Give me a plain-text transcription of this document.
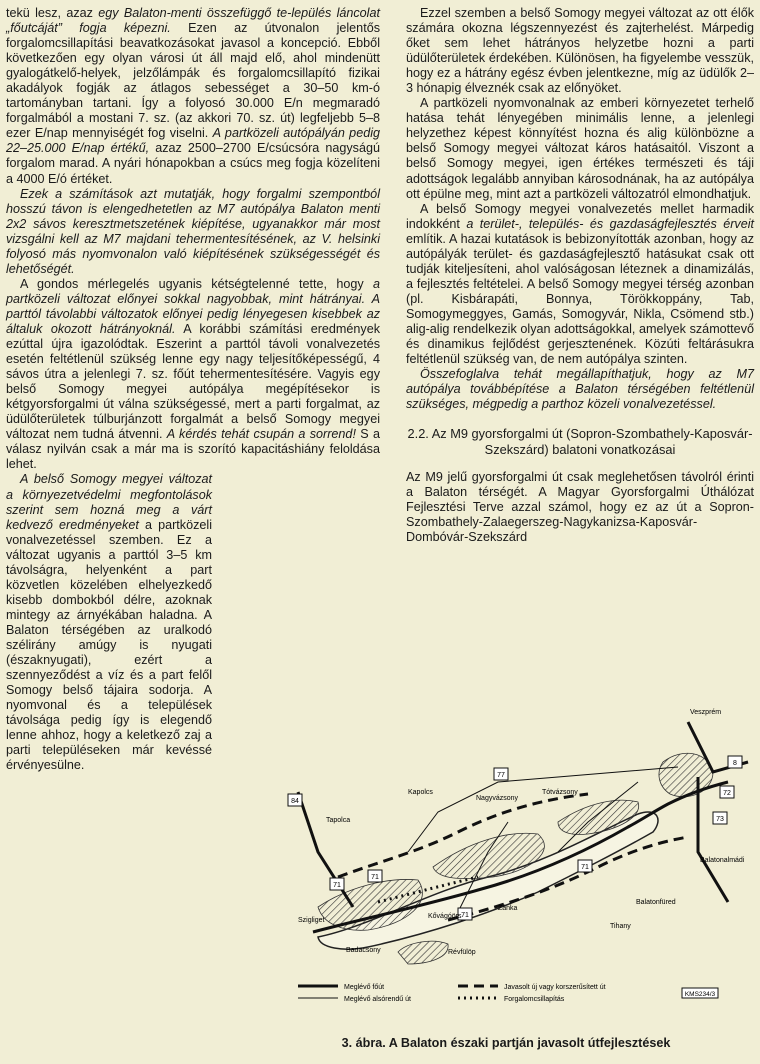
tekü lesz, azaz egy Balaton-menti összefüggő te-lepülés láncolat „főutcáját” fogja képezni. Ezen az útvonalon jelentős forgalomcsillapítási beavatkozásokat javasol a koncepció. Ebből következően egy olyan városi út áll majd elő, ahol mindenütt gyalogátkelő-helyek, jelzőlámpák és forgalomcsillapító fizikai akadályok fogják az átlagos sebességet a 30–50 km-ó tartományban tartani. Így a folyosó 30.000 E/n megmaradó forgalmából a mostani 7. sz. (az akkori 70. sz. út) legfeljebb 5–8 ezer E/nap mennyiségét fog viselni. A partközeli autópályán pedig 22–25.000 E/nap értékű, azaz 2500–2700 E/csúcsóra nagyságú forgalom marad. A nyári hónapokban a csúcs meg fogja közelíteni a 4000 E/ó értéket.

Ezek a számítások azt mutatják, hogy forgalmi szempontból hosszú távon is elengedhetetlen az M7 autópálya Balaton menti 2x2 sávos keresztmetszetének kiépítése, ugyanakkor már most vizsgálni kell az M7 majdani tehermentesítésének, az V. helsinki folyosó más nyomvonalon való kiépítésének szükségességét és lehetőségét.

A gondos mérlegelés ugyanis kétségtelenné tette, hogy a partközeli változat előnyei sokkal nagyobbak, mint hátrányai. A parttól távolabbi változatok előnyei pedig lényegesen kisebbek az általuk okozott hátrányoknál. A korábbi számítási eredmények ezúttal újra igazolódtak. Eszerint a parttól távoli vonalvezetés esetén feltétlenül szükség lenne egy nagy teljesítőképességű, 4 sávos útra a jelenlegi 7. sz. főút tehermentesítésére. Vagyis egy belső Somogy megyei autópálya megépítésekor is kétgyorsforgalmi út válna szükségessé, mert a parti forgalmat, az üdülőterületek túlburjánzott forgalmát a belső Somogy megyei változat nem tudná átvenni. A kérdés tehát csupán a sorrend! S a válasz nyilván csak a már ma is szorító kapacitáshiány feloldása lehet.

A belső Somogy megyei változat a környezetvédelmi megfontolások szerint sem hozná meg a várt kedvező eredményeket a partközeli vonalvezetéssel szemben. Ez a változat ugyanis a parttól 3–5 km távolságra, helyenként a part közvetlen közelében elhelyezkedő kisebb dombokból délre, azoknak mintegy az árnyékában haladna. A Balaton térségében az uralkodó szélirány amúgy is nyugati (északnyugati), ezért a szennyeződést a víz és a part felől Somogy belső tájaira sodorja. A nyomvonal és a települések távolsága pedig így is elegendő lenne ahhoz, hogy a keletkező zaj a parti településeken már kevéssé érvényesülne.

Ezzel szemben a belső Somogy megyei változat az ott élők számára okozna légszennyezést és zajterhelést. Márpedig őket sem lehet hátrányos helyzetbe hozni a parti üdülőterületek érdekében. Különösen, ha figyelembe vesszük, hogy ez a hátrány egész évben jelentkezne, míg az üdülők 2–3 hónapig élveznék csak az előnyöket.

A partközeli nyomvonalnak az emberi környezetet terhelő hatása tehát lényegében minimális lenne, a jelenlegi helyzethez képest könnyítést hozna és alig különbözne a belső Somogy megyei változat káros hatásaitól. Viszont a belső Somogy megyei, igen értékes természeti és táji adottságok legalább annyiban károsodnának, ha az autópálya ott épülne meg, mint azt a partközeli változatról elmondhatjuk.

A belső Somogy megyei vonalvezetés mellet harmadik indokként a terület-, település- és gazdaságfejlesztés érveit említik. A hazai kutatások is bebizonyították azonban, hogy az autópályák terület- és gazdaságfejlesztő hatásukat csak ott tudják kiteljesíteni, ahol valóságosan léteznek a dinamizálás, a fejlesztés feltételei. A belső Somogy megyei térség azonban (pl. Kisbárapáti, Bonnya, Törökkoppány, Tab, Somogymeggyes, Gamás, Somogyvár, Nikla, Csömend stb.) alig-alig rendelkezik olyan adottságokkal, amelyek számottevő és dinamikus fejlődést gerjesztenének. Közúti feltárásukra feltétlenül szükség van, de nem autópálya szinten.

Összefoglalva tehát megállapíthatjuk, hogy az M7 autópálya továbbépítése a Balaton térségében feltétlenül szükséges, mégpedig a parthoz közeli vonalvezetéssel.

2.2. Az M9 gyorsforgalmi út (Sopron-Szombathely-Kaposvár-Szekszárd) balatoni vonatkozásai

Az M9 jelű gyorsforgalmi út csak meglehetősen távolról érinti a Balaton térségét. A Magyar Gyorsforgalmi Úthálózat Fejlesztési Terve azzal számol, hogy ez az út a Sopron- Szombathely-Zalaegerszeg-Nagykanizsa-Kaposvár-Dombóvár-Szekszárd

84
71
77
73
8
72
71
71
71
Veszprém
Tapolca
Kapolcs
Nagyvázsony
Tótvázsony
Balatonalmádi
Balatonfüred
Tihany
Szigliget
Badacsony	Révfülöp
Zánka
Kővágóörs
Meglévő főút
Meglévő alsórendű út
Javasolt új vagy korszerűsített út
Forgalomcsillapítás
KMS234/3
3. ábra. A Balaton északi partján javasolt útfejlesztések
